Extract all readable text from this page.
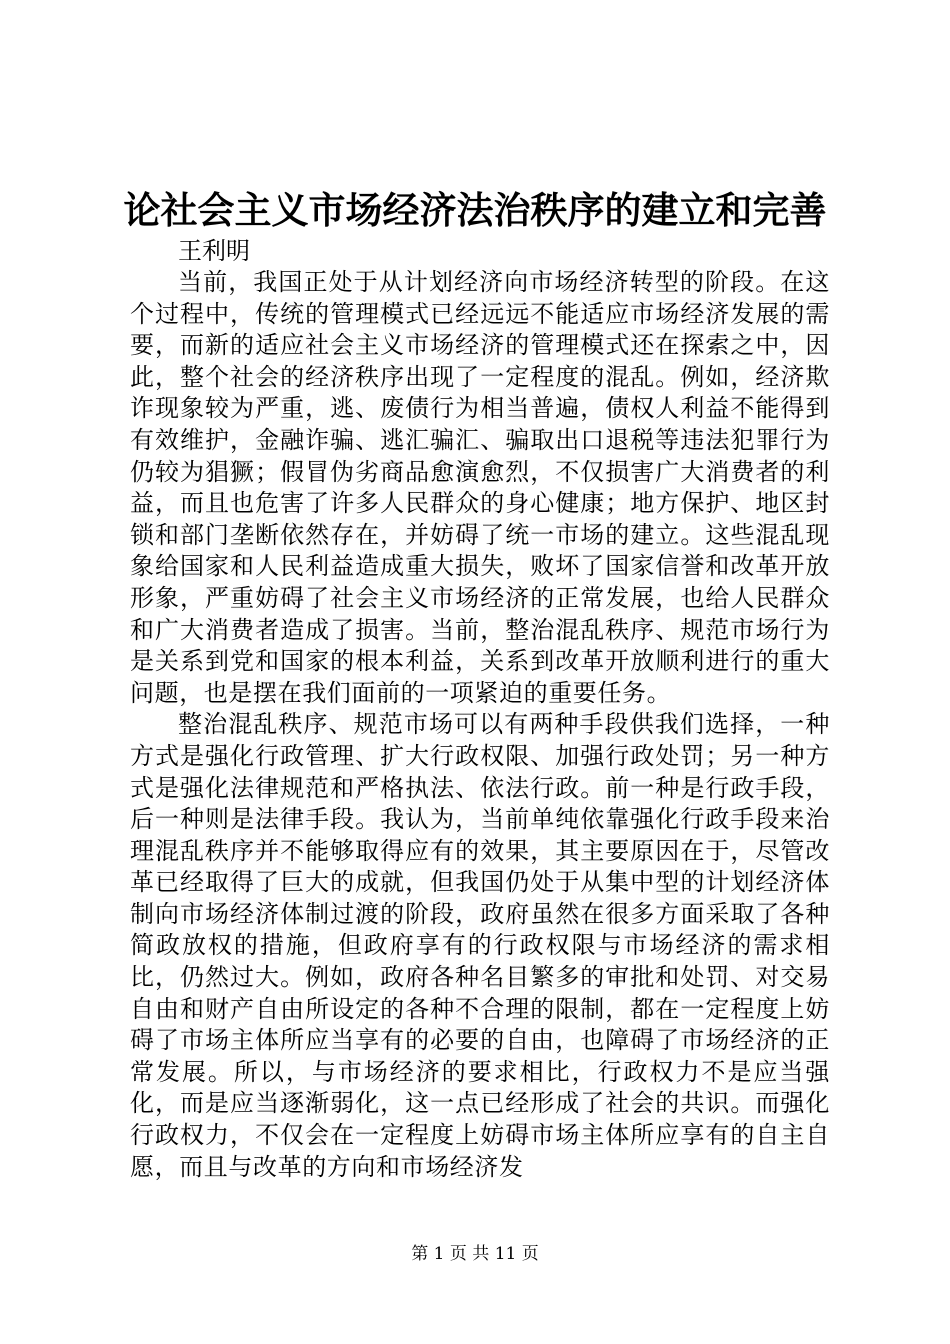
论社会主义市场经济法治秩序的建立和完善

王利明

当前，我国正处于从计划经济向市场经济转型的阶段。在这个过程中，传统的管理模式已经远远不能适应市场经济发展的需要，而新的适应社会主义市场经济的管理模式还在探索之中，因此，整个社会的经济秩序出现了一定程度的混乱。例如，经济欺诈现象较为严重，逃、废债行为相当普遍，债权人利益不能得到有效维护，金融诈骗、逃汇骗汇、骗取出口退税等违法犯罪行为仍较为猖獗；假冒伪劣商品愈演愈烈，不仅损害广大消费者的利益，而且也危害了许多人民群众的身心健康；地方保护、地区封锁和部门垄断依然存在，并妨碍了统一市场的建立。这些混乱现象给国家和人民利益造成重大损失，败坏了国家信誉和改革开放形象，严重妨碍了社会主义市场经济的正常发展，也给人民群众和广大消费者造成了损害。当前，整治混乱秩序、规范市场行为是关系到党和国家的根本利益，关系到改革开放顺利进行的重大问题，也是摆在我们面前的一项紧迫的重要任务。

整治混乱秩序、规范市场可以有两种手段供我们选择，一种方式是强化行政管理、扩大行政权限、加强行政处罚；另一种方式是强化法律规范和严格执法、依法行政。前一种是行政手段，后一种则是法律手段。我认为，当前单纯依靠强化行政手段来治理混乱秩序并不能够取得应有的效果，其主要原因在于，尽管改革已经取得了巨大的成就，但我国仍处于从集中型的计划经济体制向市场经济体制过渡的阶段，政府虽然在很多方面采取了各种简政放权的措施，但政府享有的行政权限与市场经济的需求相比，仍然过大。例如，政府各种名目繁多的审批和处罚、对交易自由和财产自由所设定的各种不合理的限制，都在一定程度上妨碍了市场主体所应当享有的必要的自由，也障碍了市场经济的正常发展。所以，与市场经济的要求相比，行政权力不是应当强化，而是应当逐渐弱化，这一点已经形成了社会的共识。而强化行政权力，不仅会在一定程度上妨碍市场主体所应享有的自主自愿，而且与改革的方向和市场经济发

第 1 页 共 11 页
